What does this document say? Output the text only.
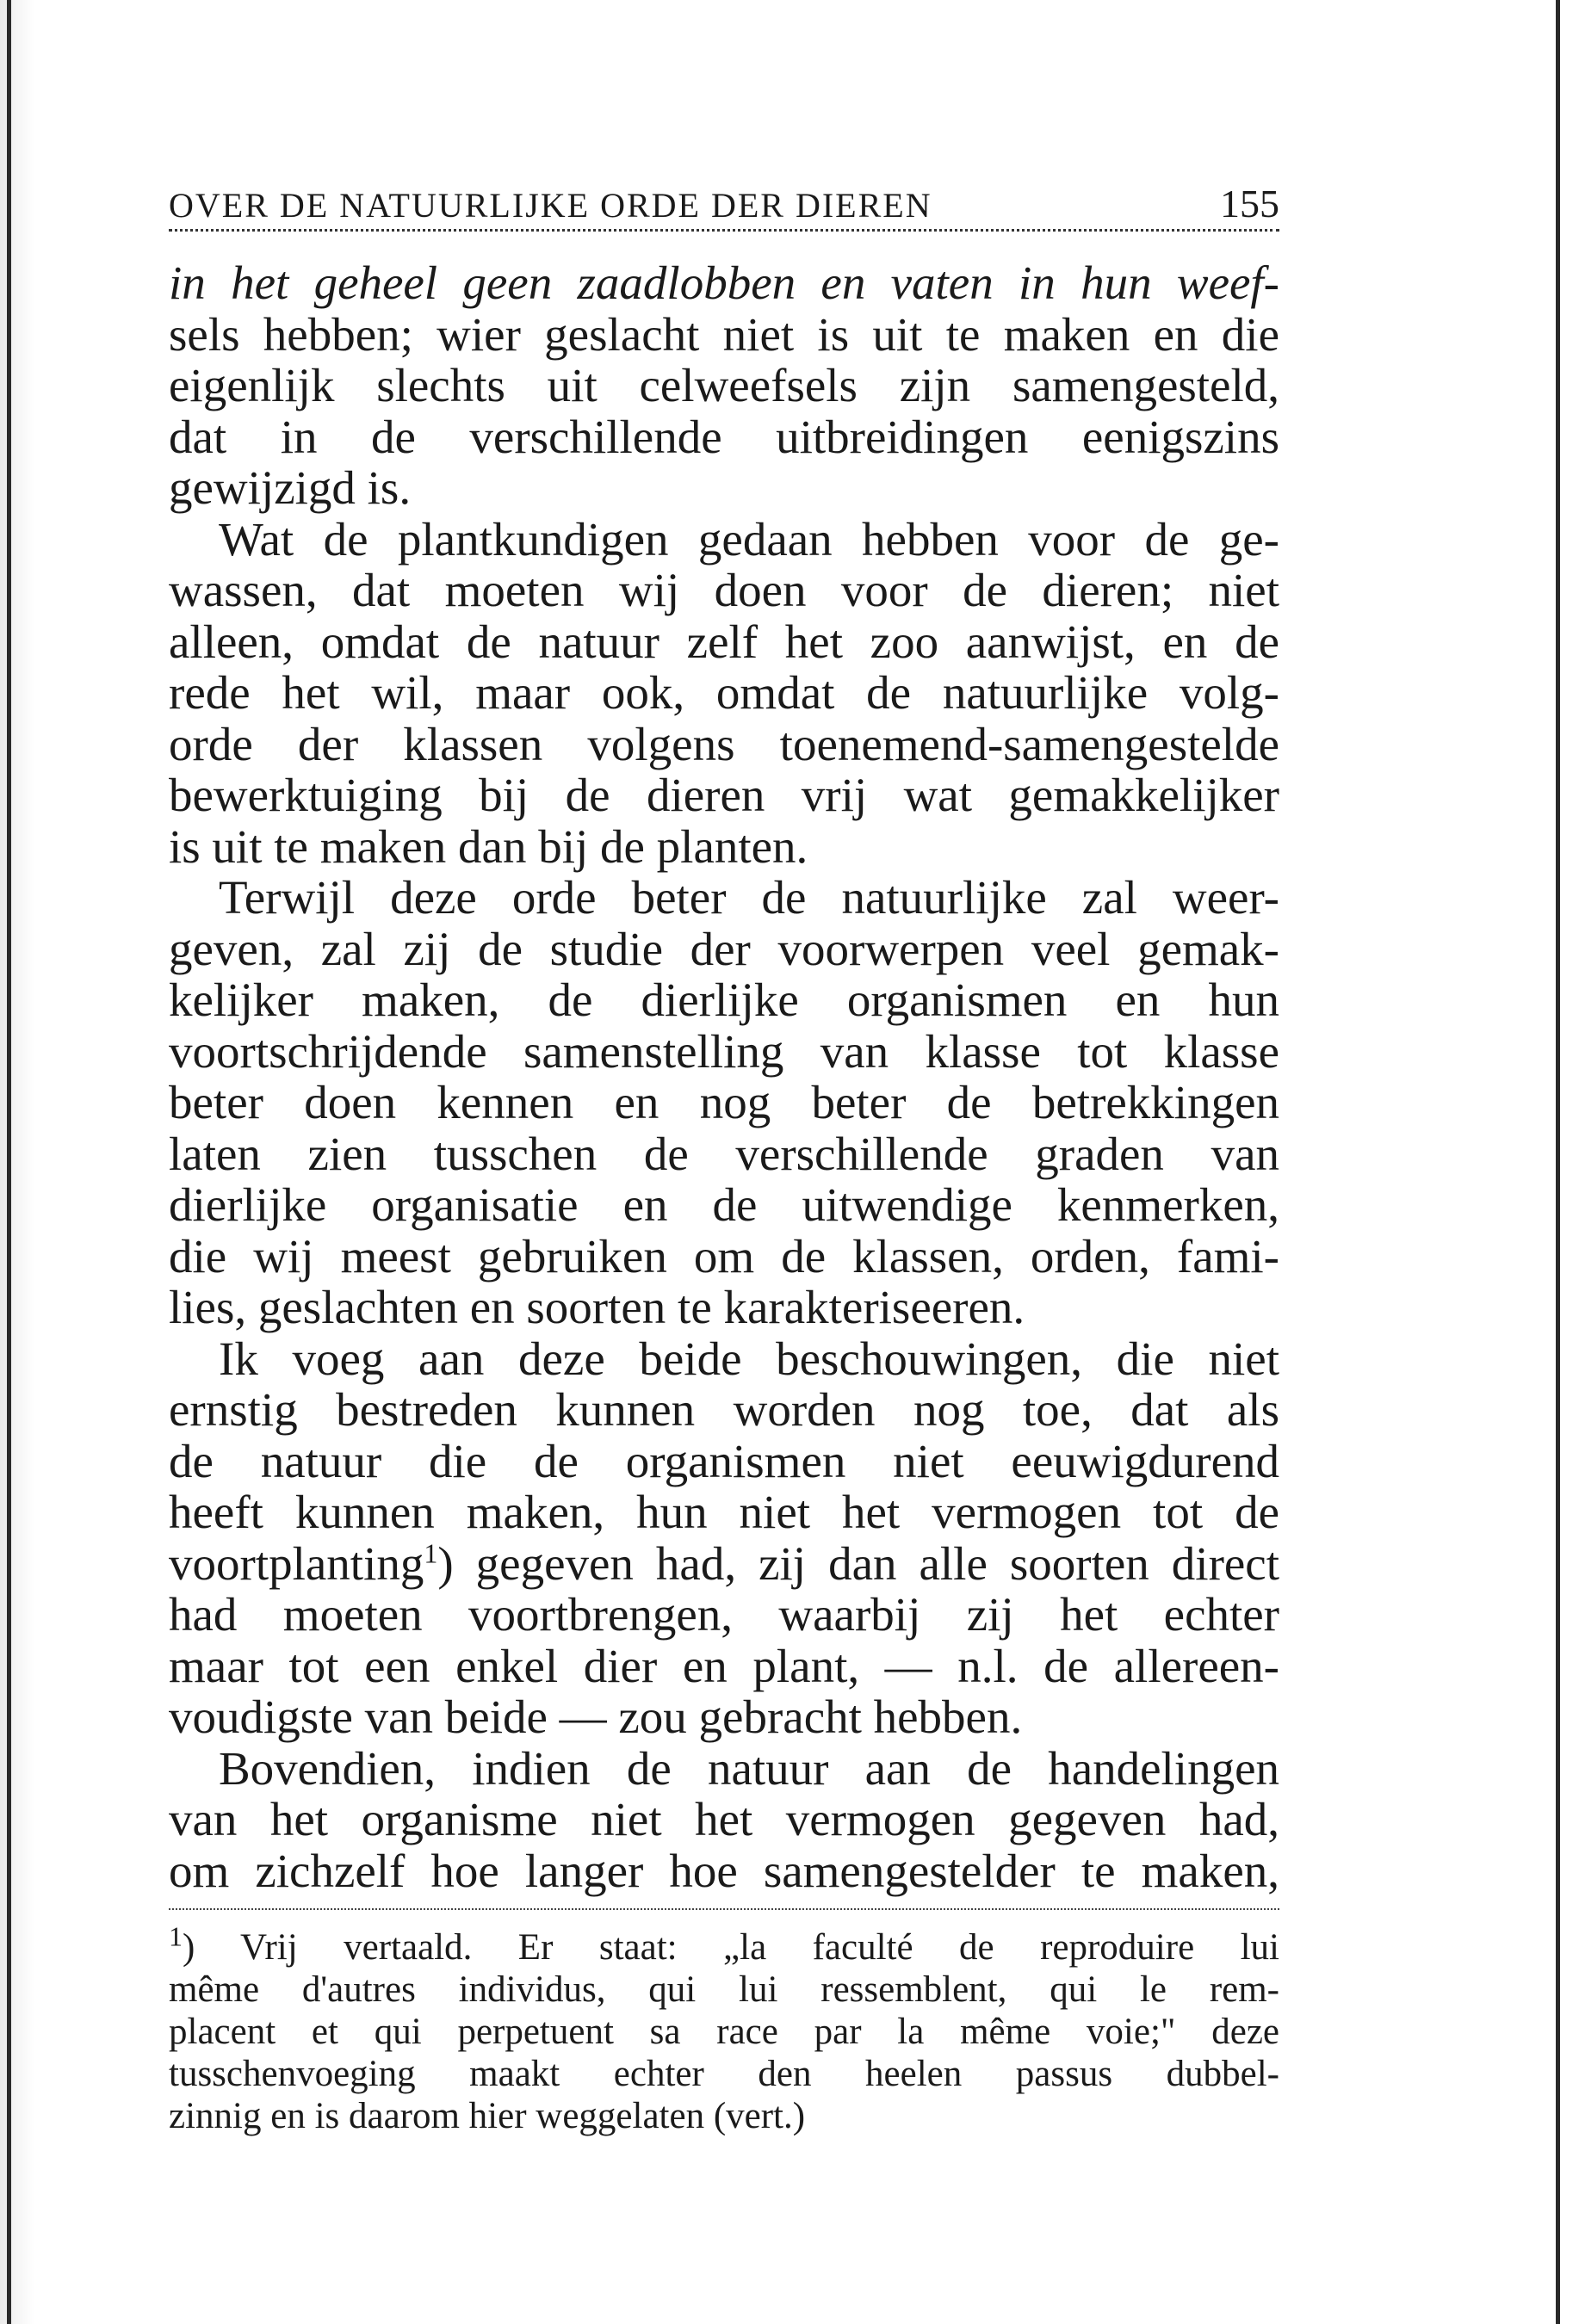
OVER DE NATUURLIJKE ORDE DER DIEREN	155
in het geheel geen zaadlobben en vaten in hun weef-
sels hebben; wier geslacht niet is uit te maken en die
eigenlijk slechts uit celweefsels zijn samengesteld,
dat in de verschillende uitbreidingen eenigszins
gewijzigd is.
Wat de plantkundigen gedaan hebben voor de ge-
wassen, dat moeten wij doen voor de dieren; niet
alleen, omdat de natuur zelf het zoo aanwijst, en de
rede het wil, maar ook, omdat de natuurlijke volg-
orde der klassen volgens toenemend-samengestelde
bewerktuiging bij de dieren vrij wat gemakkelijker
is uit te maken dan bij de planten.
Terwijl deze orde beter de natuurlijke zal weer-
geven, zal zij de studie der voorwerpen veel gemak-
kelijker maken, de dierlijke organismen en hun
voortschrijdende samenstelling van klasse tot klasse
beter doen kennen en nog beter de betrekkingen
laten zien tusschen de verschillende graden van
dierlijke organisatie en de uitwendige kenmerken,
die wij meest gebruiken om de klassen, orden, fami-
lies, geslachten en soorten te karakteriseeren.
Ik voeg aan deze beide beschouwingen, die niet
ernstig bestreden kunnen worden nog toe, dat als
de natuur die de organismen niet eeuwigdurend
heeft kunnen maken, hun niet het vermogen tot de
voortplanting$^1$) gegeven had, zij dan alle soorten direct
had moeten voortbrengen, waarbij zij het echter
maar tot een enkel dier en plant, — n.l. de allereen-
voudigste van beide — zou gebracht hebben.
Bovendien, indien de natuur aan de handelingen
van het organisme niet het vermogen gegeven had,
om zichzelf hoe langer hoe samengestelder te maken,
$^1$) Vrij vertaald. Er staat: „la faculté de reproduire lui
même d'autres individus, qui lui ressemblent, qui le rem-
placent et qui perpetuent sa race par la même voie;" deze
tusschenvoeging maakt echter den heelen passus dubbel-
zinnig en is daarom hier weggelaten (vert.)
